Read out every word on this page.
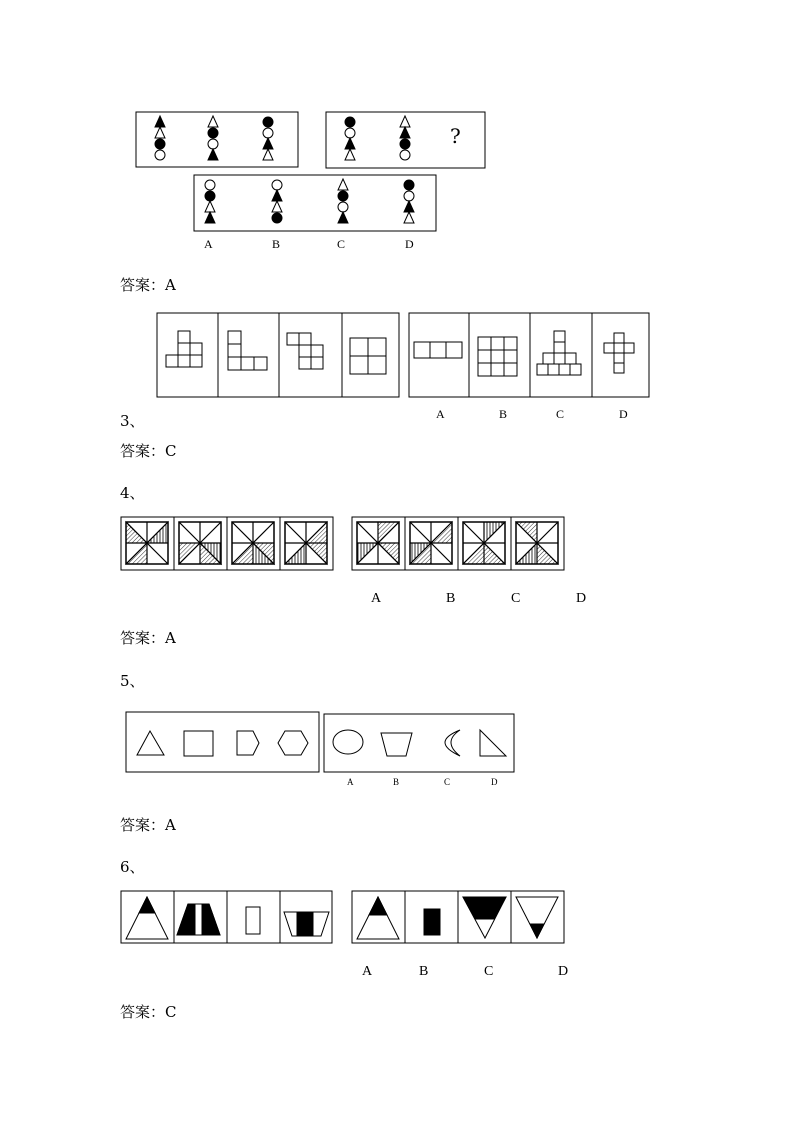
?
A	B	C	D
答案：A
3、	A	B	C	D
答案：C
4、
A	B	C	D
答案：A
5、
A	B	C	D
答案：A
6、
A	B	C	D
答案：C
